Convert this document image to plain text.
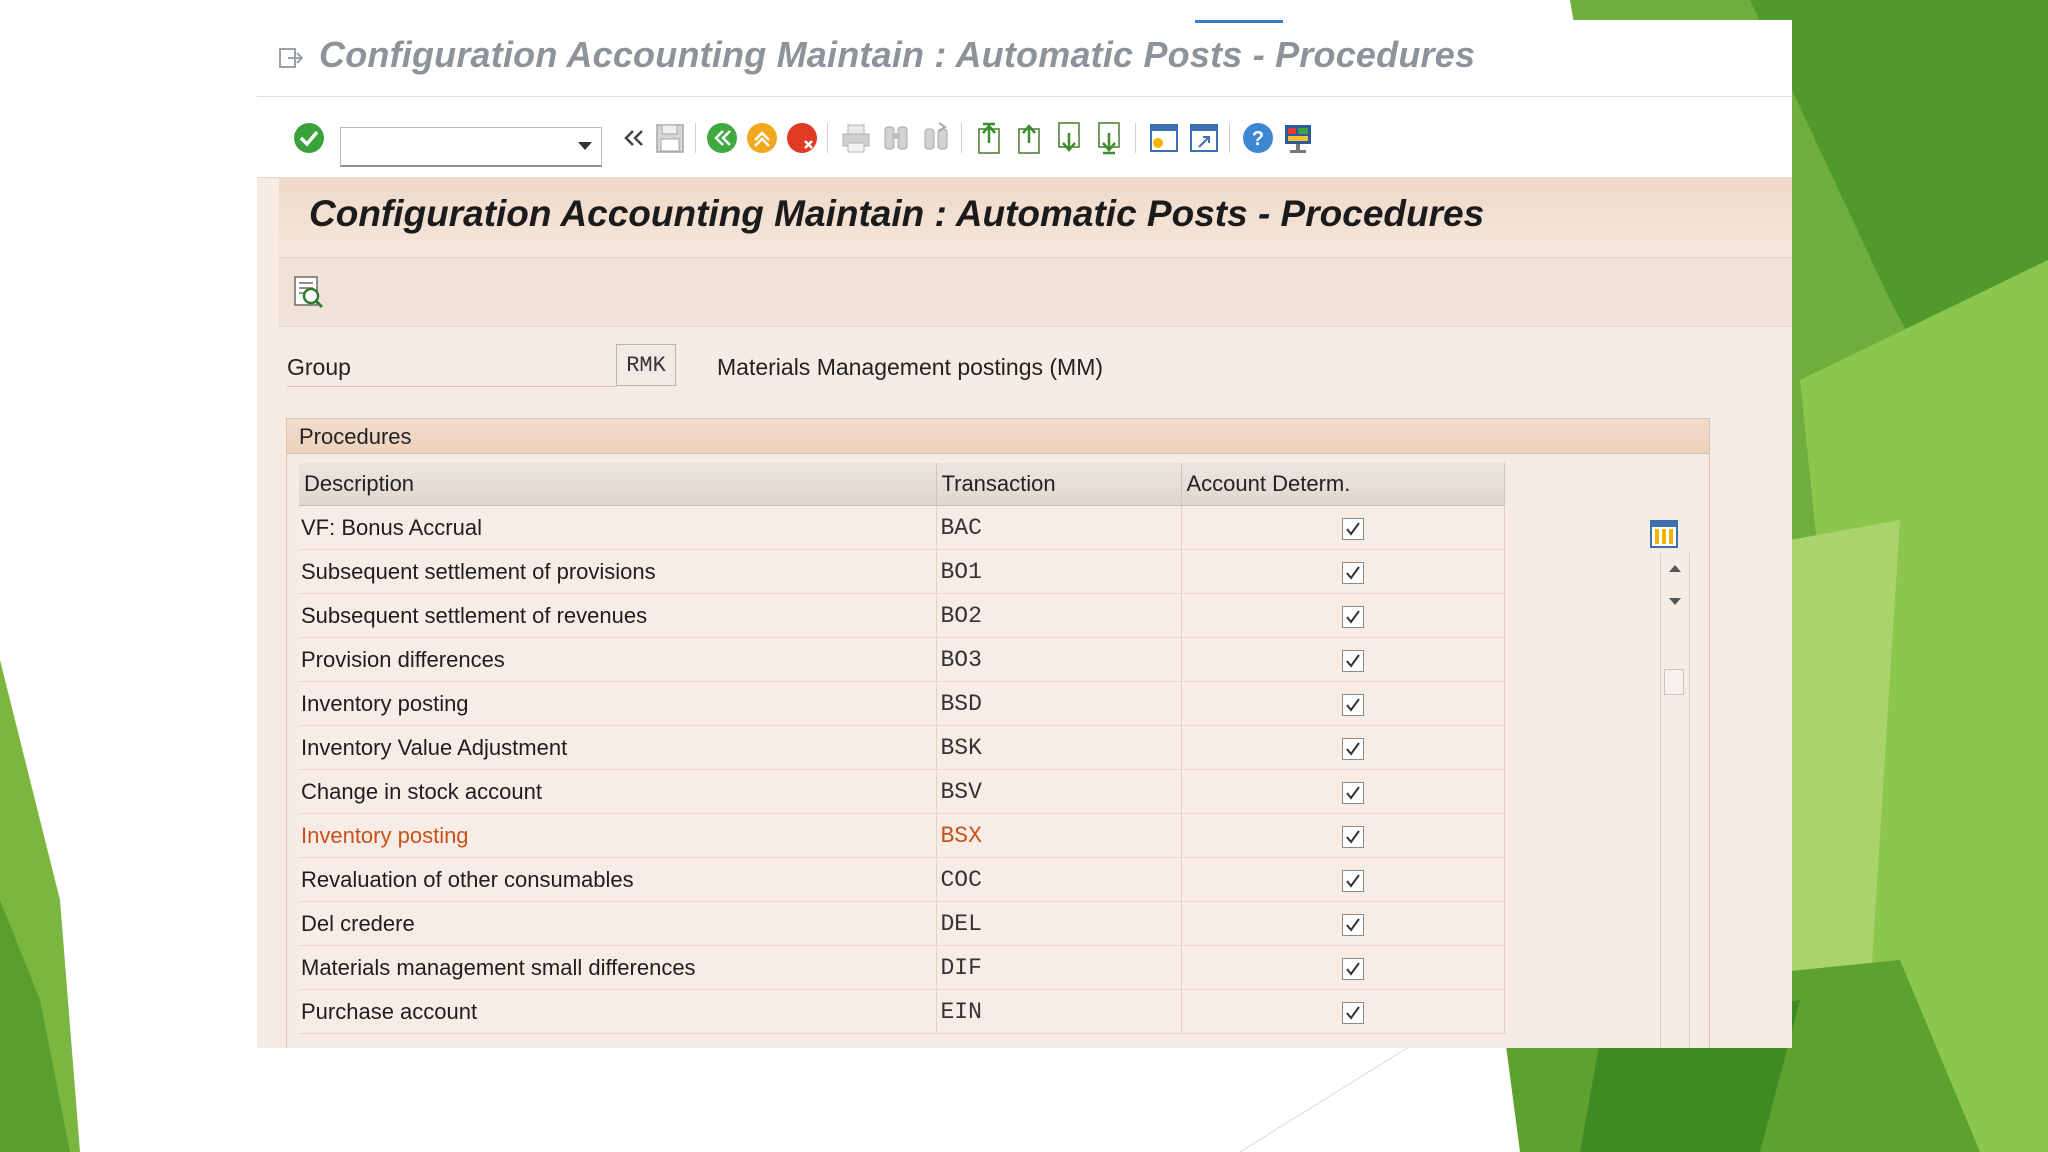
Configuration Accounting Maintain : Automatic Posts - Procedures
?
Configuration Accounting Maintain : Automatic Posts - Procedures
Group	RMK	Materials Management postings (MM)
Procedures
Description	Transaction	Account Determ.
VF: Bonus Accrual	BAC	

Subsequent settlement of provisions	BO1	

Subsequent settlement of revenues	BO2	

Provision differences	BO3	

Inventory posting	BSD	

Inventory Value Adjustment	BSK	

Change in stock account	BSV	

Inventory posting	BSX	

Revaluation of other consumables	COC	

Del credere	DEL	

Materials management small differences	DIF	

Purchase account	EIN	
